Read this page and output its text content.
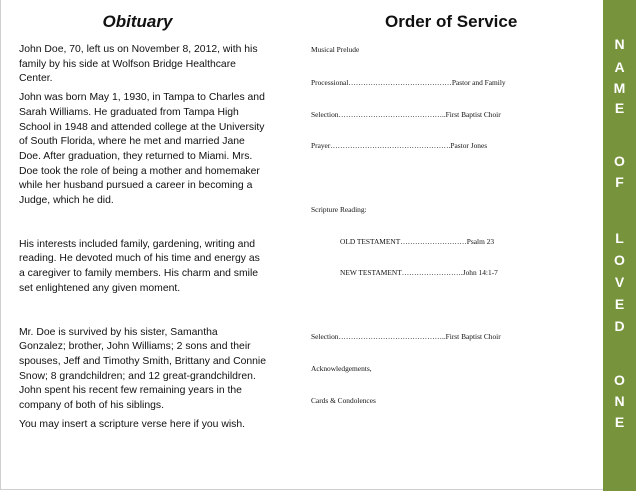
Obituary

John Doe, 70, left us on November 8, 2012, with his family by his side at Wolfson Bridge Healthcare Center.

John was born May 1, 1930, in Tampa to Charles and Sarah Williams. He graduated from Tampa High School in 1948 and attended college at the University of South Florida, where he met and married Jane Doe. After graduation, they returned to Miami. Mrs. Doe took the role of being a mother and homemaker while her husband pursued a career in becoming a Judge, which he did.

His interests included family, gardening, writing and reading. He devoted much of his time and energy as a caregiver to family members. His charm and smile set enlightened any given moment.

Mr. Doe is survived by his sister, Samantha Gonzalez; brother, John Williams; 2 sons and their spouses, Jeff and Timothy Smith, Brittany and Connie Snow; 8 grandchildren; and 12 great-grandchildren. John spent his recent few remaining years in the company of both of his siblings.

You may insert a scripture verse here if you wish.

Order of Service
Musical Prelude
Processional……………………………………Pastor and Family
Selection……………………………………..First Baptist Choir
Prayer………………………………………….Pastor Jones
Scripture Reading:
OLD TESTAMENT………………………Psalm 23
NEW TESTAMENT…………………….John 14:1-7
Selection……………………………………..First Baptist Choir
Acknowledgements,
Cards & Condolences
N
A
M
E
O
F
L
O
V
E
D
O
N
E
